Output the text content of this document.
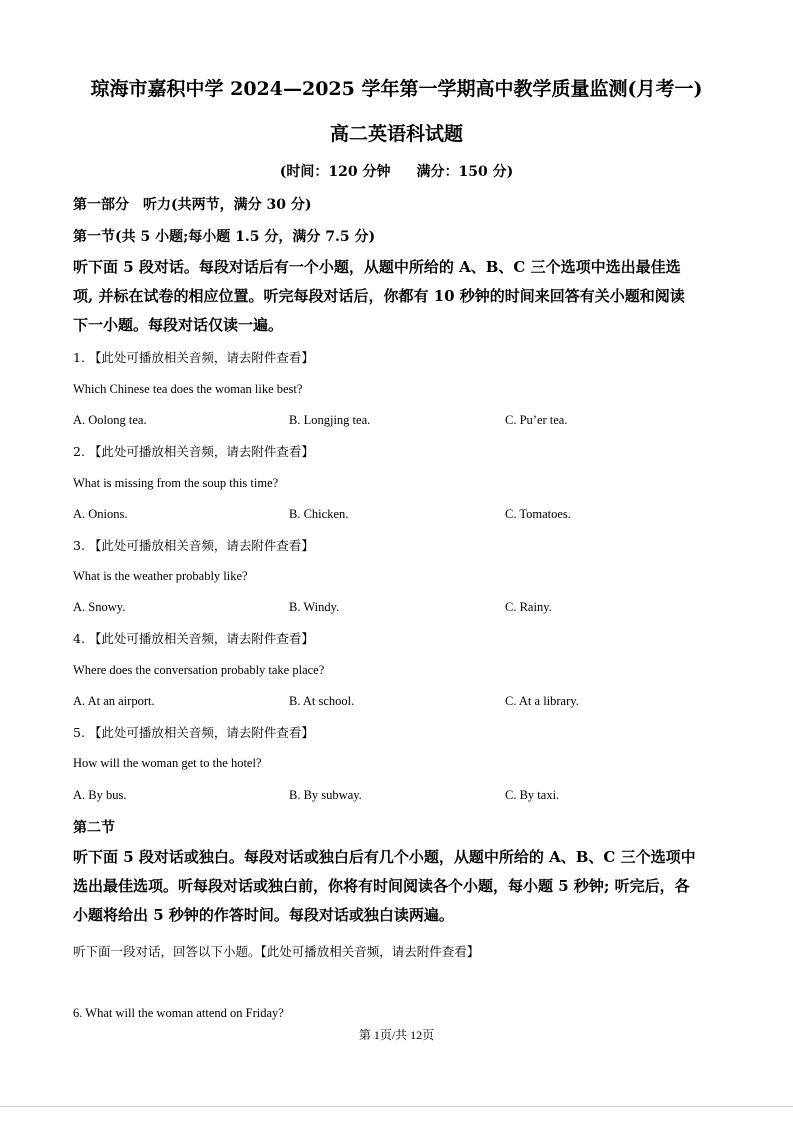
琼海市嘉积中学 2024—2025 学年第一学期高中教学质量监测(月考一)
高二英语科试题
(时间：120 分钟 满分：150 分)
第一部分　听力(共两节，满分 30 分)
第一节(共 5 小题;每小题 1.5 分，满分 7.5 分)

听下面 5 段对话。每段对话后有一个小题，从题中所给的 A、B、C 三个选项中选出最佳选

项, 并标在试卷的相应位置。听完每段对话后，你都有 10 秒钟的时间来回答有关小题和阅读

下一小题。每段对话仅读一遍。

1. 【此处可播放相关音频，请去附件查看】
Which Chinese tea does the woman like best?
A. Oolong tea.	B. Longjing tea.	C. Pu’er tea.
2. 【此处可播放相关音频，请去附件查看】
What is missing from the soup this time?
A. Onions.	B. Chicken.	C. Tomatoes.
3. 【此处可播放相关音频，请去附件查看】
What is the weather probably like?
A. Snowy.	B. Windy.	C. Rainy.
4. 【此处可播放相关音频，请去附件查看】
Where does the conversation probably take place?
A. At an airport.	B. At school.	C. At a library.
5. 【此处可播放相关音频，请去附件查看】
How will the woman get to the hotel?
A. By bus.	B. By subway.	C. By taxi.
第二节

听下面 5 段对话或独白。每段对话或独白后有几个小题，从题中所给的 A、B、C 三个选项中

选出最佳选项。听每段对话或独白前，你将有时间阅读各个小题，每小题 5 秒钟; 听完后，各

小题将给出 5 秒钟的作答时间。每段对话或独白读两遍。

听下面一段对话，回答以下小题。【此处可播放相关音频，请去附件查看】
6. What will the woman attend on Friday?
第 1页/共 12页
